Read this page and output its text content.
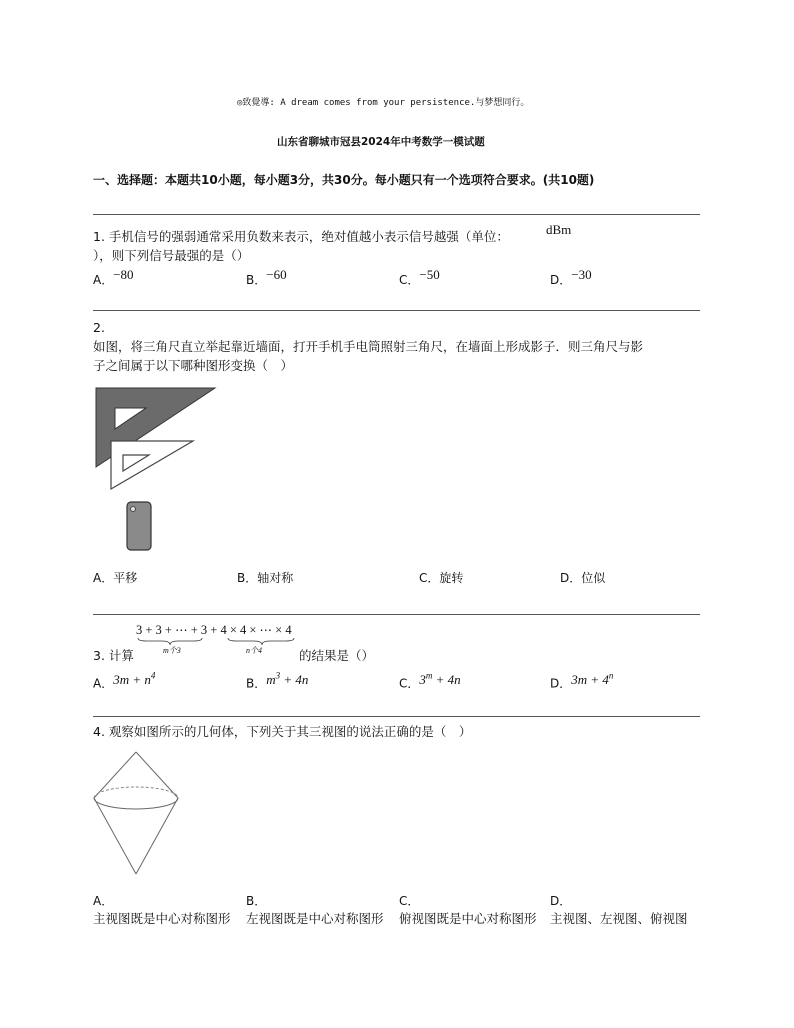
◎致覺導: A dream comes from your persistence.与梦想同行。
山东省聊城市冠县2024年中考数学一模试题
一、选择题：本题共10小题，每小题3分，共30分。每小题只有一个选项符合要求。(共10题)
1. 手机信号的强弱通常采用负数来表示，绝对值越小表示信号越强（单位：	dBm
），则下列信号最强的是（）
A．−80	B．−60	C．−50	D．−30
2.
如图，将三角尺直立举起靠近墙面，打开手机手电筒照射三角尺，在墙面上形成影子．则三角尺与影
子之间属于以下哪种图形变换（　）
A．平移	B．轴对称	C．旋转	D．位似
3 + 3 + ⋯ + 3 + 4 × 4 × ⋯ × 4
m个3	n个4
3. 计算	的结果是（）
A．$3m + n^4$
B．$m^3 + 4n$	C．$3^m + 4n$	D．$3m + 4^n$
4. 观察如图所示的几何体，下列关于其三视图的说法正确的是（　）
A．	B．	C．	D．
主视图既是中心对称图形 左视图既是中心对称图形 俯视图既是中心对称图形 主视图、左视图、俯视图
